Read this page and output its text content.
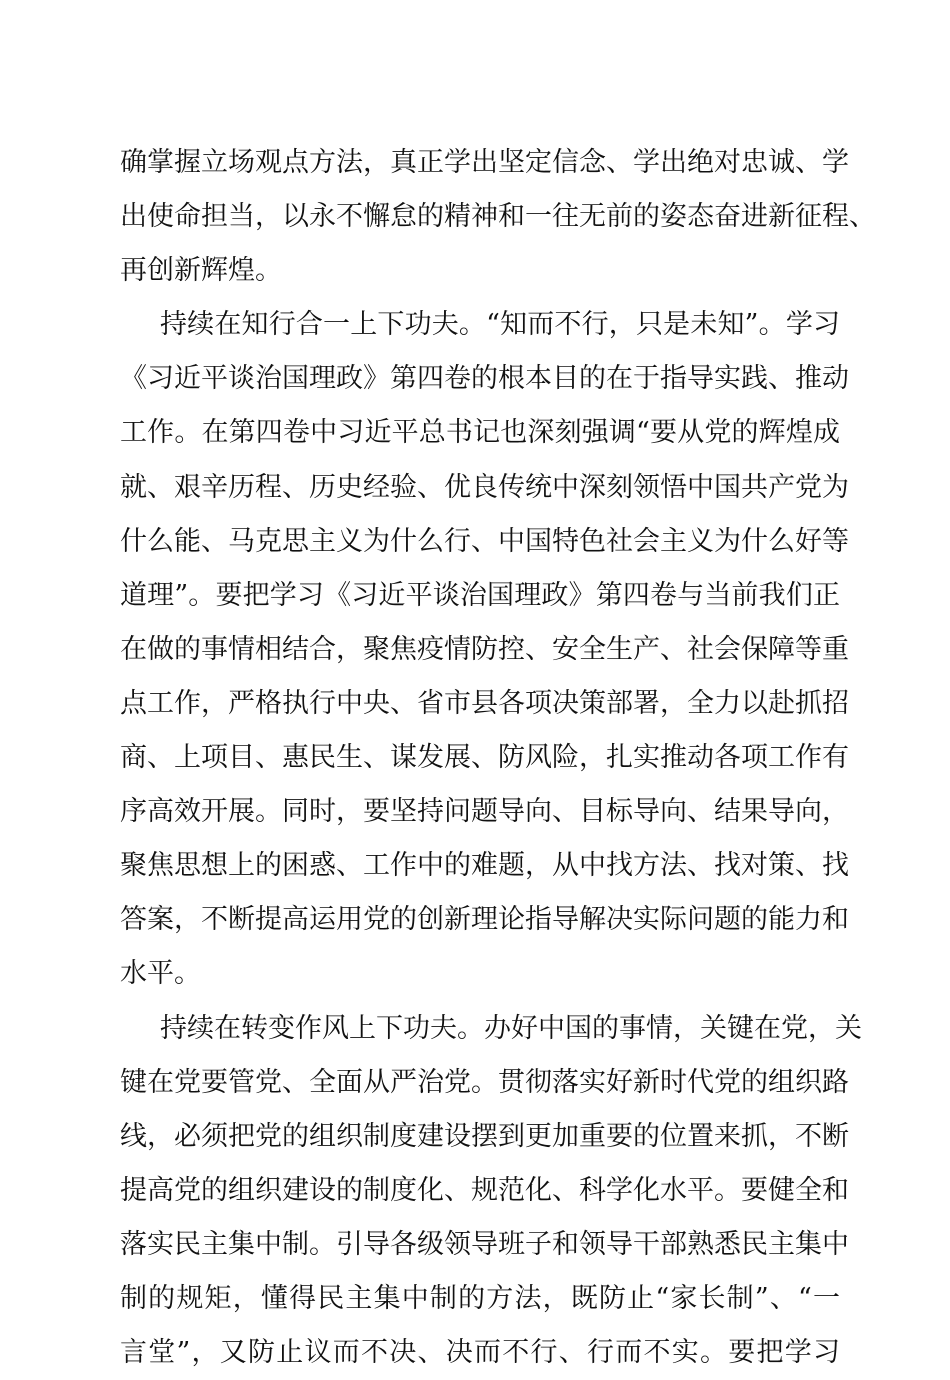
确掌握立场观点方法，真正学出坚定信念、学出绝对忠诚、学
出使命担当，以永不懈怠的精神和一往无前的姿态奋进新征程、
再创新辉煌。
持续在知行合一上下功夫。“知而不行，只是未知”。学习
《习近平谈治国理政》第四卷的根本目的在于指导实践、推动
工作。在第四卷中习近平总书记也深刻强调“要从党的辉煌成
就、艰辛历程、历史经验、优良传统中深刻领悟中国共产党为
什么能、马克思主义为什么行、中国特色社会主义为什么好等
道理”。要把学习《习近平谈治国理政》第四卷与当前我们正
在做的事情相结合，聚焦疫情防控、安全生产、社会保障等重
点工作，严格执行中央、省市县各项决策部署，全力以赴抓招
商、上项目、惠民生、谋发展、防风险，扎实推动各项工作有
序高效开展。同时，要坚持问题导向、目标导向、结果导向，
聚焦思想上的困惑、工作中的难题，从中找方法、找对策、找
答案，不断提高运用党的创新理论指导解决实际问题的能力和
水平。
持续在转变作风上下功夫。办好中国的事情，关键在党，关
键在党要管党、全面从严治党。贯彻落实好新时代党的组织路
线，必须把党的组织制度建设摆到更加重要的位置来抓，不断
提高党的组织建设的制度化、规范化、科学化水平。要健全和
落实民主集中制。引导各级领导班子和领导干部熟悉民主集中
制的规矩，懂得民主集中制的方法，既防止“家长制”、“一
言堂”，又防止议而不决、决而不行、行而不实。要把学习
